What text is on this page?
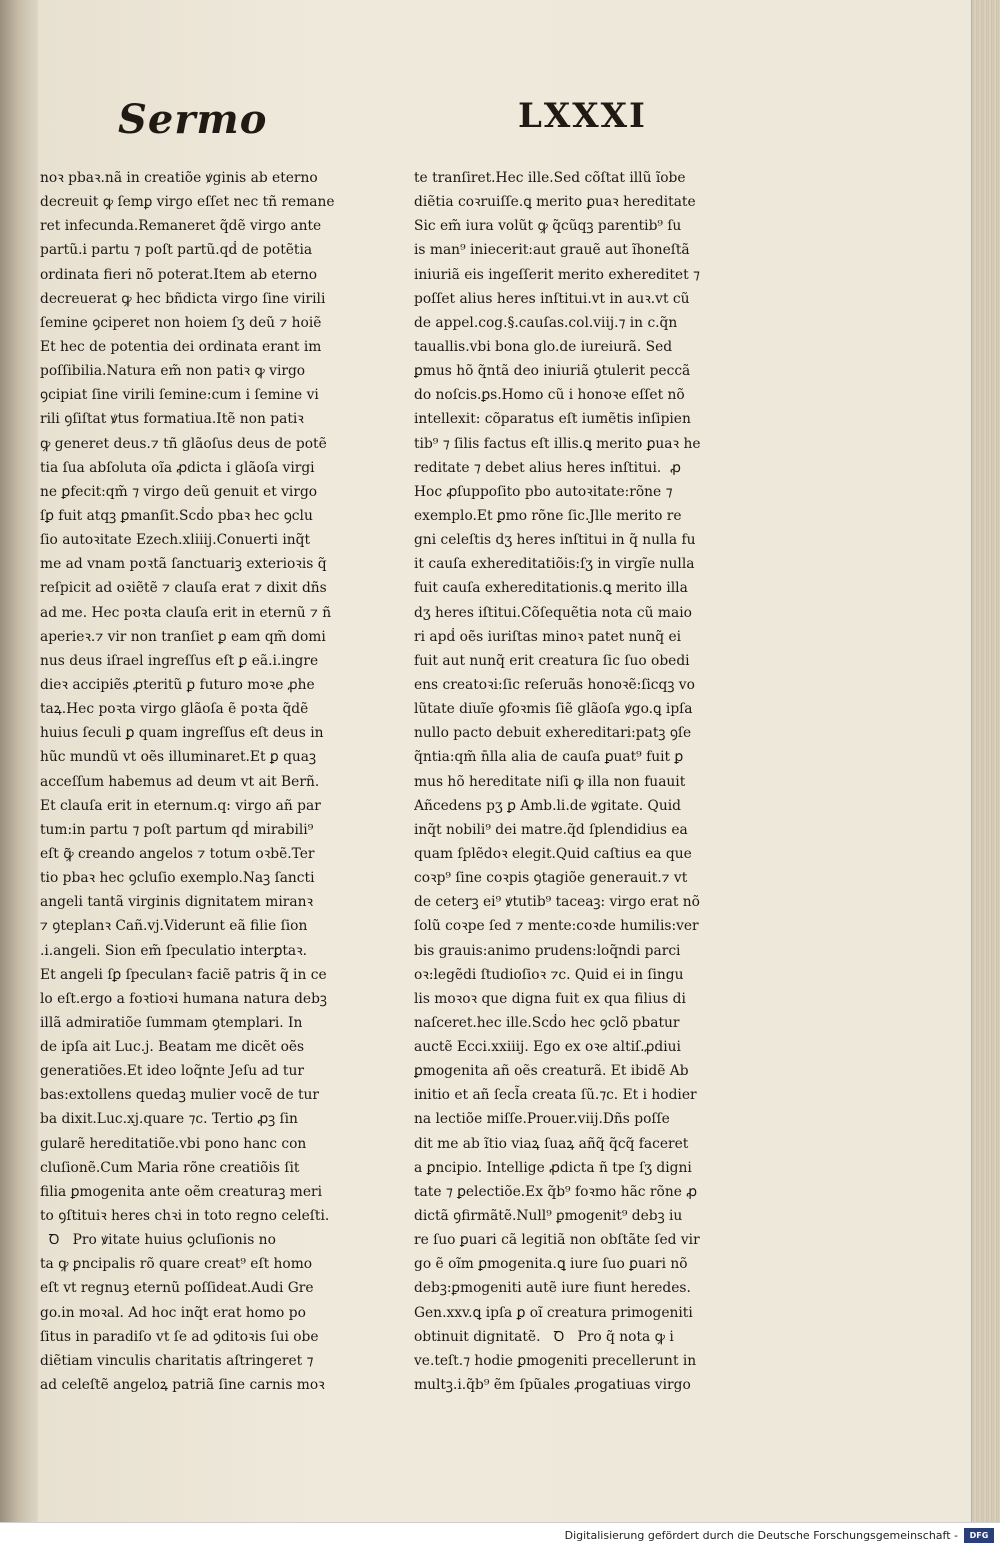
Sermo	LXXXI
noꝛ pbaꝛ.nã in creatiõe ꝟginis ab eterno
decreuit ꝙ ſemꝑ virgo eſſet nec tñ remane
ret infecunda.Remaneret q̃dẽ virgo ante
partũ.i partu ⁊ poſt partũ.qḋ de potẽtia
ordinata fieri nõ poterat.Item ab eterno
decreuerat ꝙ hec bñdicta virgo ſine virili
ſemine ꝯciperet non hoiem ſʒ deũ ⁊ hoiẽ
Et hec de potentia dei ordinata erant im
poſſibilia.Natura em̃ non patiꝛ ꝙ virgo
ꝯcipiat ſine virili ſemine:cum i ſemine vi
rili ꝯſiſtat ꝟtus formatiua.Itẽ non patiꝛ
ꝙ generet deus.⁊ tñ glãoſus deus de potẽ
tia ſua abſoluta oĩa ꝓdicta i glãoſa virgi
ne ꝑfecit:qm̃ ⁊ virgo deũ genuit et virgo
ſꝑ fuit atqꝫ ꝑmanſit.Scḋo pbaꝛ hec ꝯclu
ſio autoꝛitate Ezech.xliiij.Conuerti inq̃t
me ad vnam poꝛtã ſanctuariꝫ exterioꝛis q̃
reſpicit ad oꝛiẽtẽ ⁊ clauſa erat ⁊ dixit dñs
ad me. Hec poꝛta clauſa erit in eternũ ⁊ ñ
aperieꝛ.⁊ vir non tranſiet ꝑ eam qm̃ domi
nus deus iſrael ingreſſus eſt ꝑ eã.i.ingre
dieꝛ accipiẽs ꝓteritũ ꝑ futuro moꝛe ꝓhe
taꝝ.Hec poꝛta virgo glãoſa ẽ poꝛta q̃dẽ
huius ſeculi ꝑ quam ingreſſus eſt deus in
hũc mundũ vt oẽs illuminaret.Et ꝑ quaꝫ
acceſſum habemus ad deum vt ait Berñ.
Et clauſa erit in eternum.q: virgo añ par
tum:in partu ⁊ poſt partum qḋ mirabili⁹
eſt ꝙ̃ creando angelos ⁊ totum oꝛbẽ.Ter
tio pbaꝛ hec ꝯcluſio exemplo.Naꝫ ſancti
angeli tantã virginis dignitatem miranꝛ
⁊ ꝯteplanꝛ Cañ.vj.Viderunt eã filie ſion
.i.angeli. Sion em̃ ſpeculatio interꝑtaꝛ.
Et angeli ſꝑ ſpeculanꝛ faciẽ patris q̃ in ce
lo eſt.ergo a foꝛtioꝛi humana natura debꝫ
illã admiratiõe ſummam ꝯtemplari. In
de ipſa ait Luc.j. Beatam me dicẽt oẽs
generatiões.Et ideo loq̃nte Jeſu ad tur
bas:extollens quedaꝫ mulier vocẽ de tur
ba dixit.Luc.xj.quare ⁊c. Tertio ꝓꝫ ſin
gularẽ hereditatiõe.vbi pono hanc con
cluſionẽ.Cum Maria rõne creatiõis ſit
filia ꝑmogenita ante oẽm creaturaꝫ meri
to ꝯſtituiꝛ heres chꝛi in toto regno celeſti.
Ꝺ   Pro ꝟitate huius ꝯcluſionis no
ta ꝙ ꝑncipalis rõ quare creat⁹ eſt homo
eſt vt regnuꝫ eternũ poſſideat.Audi Gre
go.in moꝛal. Ad hoc inq̃t erat homo po
ſitus in paradiſo vt ſe ad ꝯditoꝛis ſui obe
diẽtiam vinculis charitatis aſtringeret ⁊
ad celeſtẽ angeloꝝ patriã ſine carnis moꝛ
te tranſiret.Hec ille.Sed cõſtat illũ ĩobe
diẽtia coꝛruiſſe.ꝗ merito ꝑuaꝛ hereditate
Sic em̃ iura volũt ꝙ q̃cũqꝫ parentib⁹ ſu
is man⁹ iniecerit:aut grauẽ aut ĩhoneſtã
iniuriã eis ingeſſerit merito exhereditet ⁊
poſſet alius heres inſtitui.vt in auꝛ.vt cũ
de appel.cog.§.cauſas.col.viij.⁊ in c.q̃n
tauallis.vbi bona glo.de iureiurã. Sed
ꝑmus hõ q̃ntã deo iniuriã ꝯtulerit peccã
do noſcis.ꝑs.Homo cũ i honoꝛe eſſet nõ
intellexit: cõparatus eſt iumẽtis inſipien
tib⁹ ⁊ ſilis factus eſt illis.ꝗ merito ꝑuaꝛ he
reditate ⁊ debet alius heres inſtitui.  ꝓ
Hoc ꝓſuppoſito pbo autoꝛitate:rõne ⁊
exemplo.Et ꝑmo rõne ſic.Jlle merito re
gni celeſtis dʒ heres inſtitui in q̃ nulla fu
it cauſa exhereditatiõis:ſʒ in virgĩe nulla
fuit cauſa exhereditationis.ꝗ merito illa
dʒ heres iſtitui.Cõſequẽtia nota cũ maio
ri apḋ oẽs iuriſtas minoꝛ patet nunq̃ ei
fuit aut nunq̃ erit creatura ſic ſuo obedi
ens creatoꝛi:ſic reſeruãs honoꝛẽ:ſicqꝫ vo
lũtate diuĩe ꝯfoꝛmis ſiẽ glãoſa ꝟgo.ꝗ ipſa
nullo pacto debuit exhereditari:patꝫ ꝯſe
q̃ntia:qm̃ n̄lla alia de cauſa ꝑuat⁹ fuit ꝑ
mus hõ hereditate niſi ꝙ illa non fuauit
Añcedens pʒ ꝑ Amb.li.de ꝟgitate. Quid
inq̃t nobili⁹ dei matre.q̃d ſplendidius ea
quam ſplẽdoꝛ elegit.Quid caſtius ea que
coꝛp⁹ ſine coꝛpis ꝯtagiõe generauit.⁊ vt
de ceterꝫ ei⁹ ꝟtutib⁹ taceaꝫ: virgo erat nõ
ſolũ coꝛpe ſed ⁊ mente:coꝛde humilis:ver
bis grauis:animo prudens:loq̃ndi parci
oꝛ:legẽdi ſtudioſioꝛ ⁊c. Quid ei in ſingu
lis moꝛoꝛ que digna fuit ex qua filius di
naſceret.hec ille.Scḋo hec ꝯclõ pbatur
auctẽ Ecci.xxiiij. Ego ex oꝛe altiſ.ꝓdiui
ꝑmogenita añ oẽs creaturã. Et ibidẽ Ab
initio et añ ſecl̃a creata ſũ.⁊c. Et i hodier
na lectiõe miſſe.Prouer.viij.Dñs poſſe
dit me ab ĩtio viaꝝ ſuaꝝ añq̃ q̃cq̃ faceret
a ꝑncipio. Intellige ꝓdicta ñ tpe ſʒ digni
tate ⁊ ꝑelectiõe.Ex q̃b⁹ foꝛmo hãc rõne ꝓ
dictã ꝯfirmãtẽ.Null⁹ ꝑmogenit⁹ debꝫ iu
re ſuo ꝑuari cã legitiã non obſtãte ſed vir
go ẽ oĩm ꝑmogenita.ꝗ iure ſuo ꝑuari nõ
debꝫ:ꝑmogeniti autẽ iure fiunt heredes.
Gen.xxv.ꝗ ipſa ꝑ oĩ creatura primogeniti
obtinuit dignitatẽ.   Ꝺ   Pro q̃ nota ꝙ i
ve.teſt.⁊ hodie ꝑmogeniti precellerunt in
multꝫ.i.q̃b⁹ ẽm ſpũales ꝓrogatiuas virgo
Digitalisierung gefördert durch die Deutsche Forschungsgemeinschaft -	DFG
